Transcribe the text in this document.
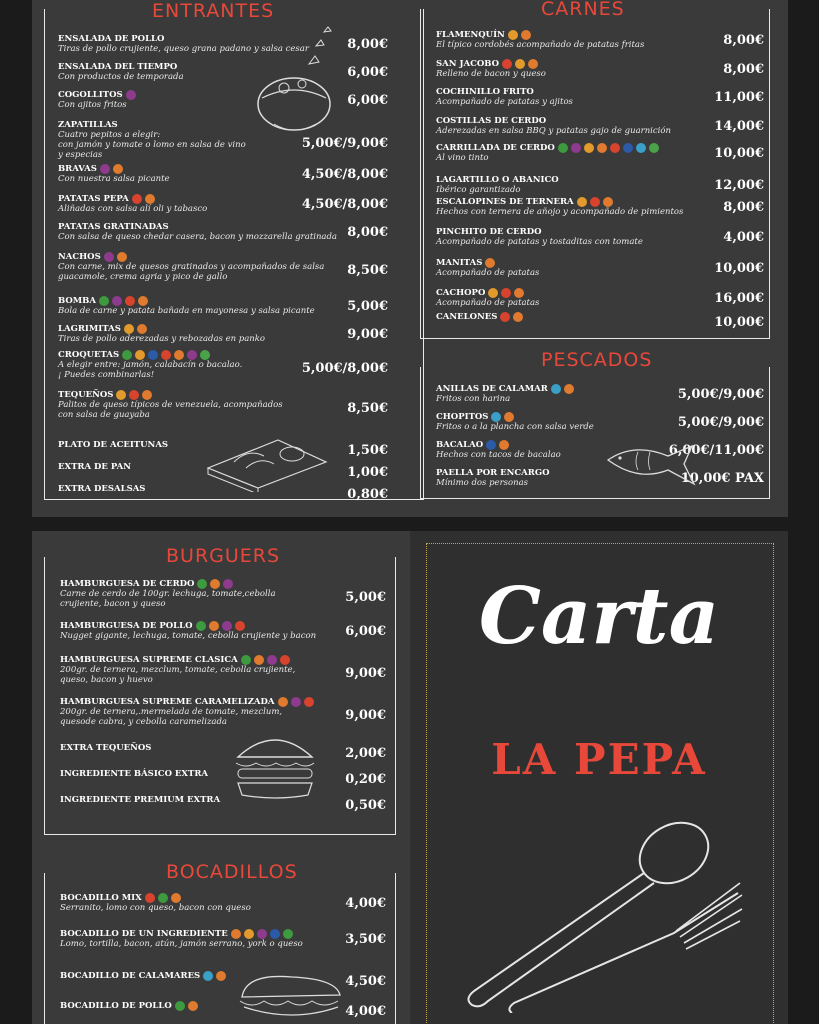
ENTRANTES
ENSALADA DE POLLO
Tiras de pollo crujiente, queso grana padano y salsa cesar	8,00€
ENSALADA DEL TIEMPO
Con productos de temporada	6,00€
COGOLLITOS
Con ajitos fritos	6,00€
ZAPATILLAS
Cuatro pepitos a elegir:
con jamón y tomate o lomo en salsa de vino
y especias
5,00€/9,00€
BRAVAS
Con nuestra salsa picante	4,50€/8,00€
PATATAS PEPA
Aliñadas con salsa alí oli y tabasco	4,50€/8,00€
PATATAS GRATINADAS
Con salsa de queso chedar casera, bacon y mozzarella gratinada 8,00€
NACHOS
Con carne, mix de quesos gratinados y acompañados de salsa
guacamole, crema agria y pico de gallo	8,50€
BOMBA
Bola de carne y patata bañada en mayonesa y salsa picante	5,00€
LAGRIMITAS
Tiras de pollo aderezadas y rebozadas en panko	9,00€
CROQUETAS
A elegir entre: jamón, calabacín o bacalao.
¡ Puedes combinarlas!	5,00€/8,00€
TEQUEÑOS
Palitos de queso típicos de venezuela, acompañados
con salsa de guayaba	8,50€
PLATO DE ACEITUNAS	1,50€
EXTRA DE PAN	1,00€
EXTRA DESALSAS	0,80€
CARNES
FLAMENQUÍN
El típico cordobés acompañado de patatas fritas	8,00€
SAN JACOBO
Relleno de bacon y queso	8,00€
COCHINILLO FRITO
Acompañado de patatas y ajitos	11,00€
COSTILLAS DE CERDO
Aderezadas en salsa BBQ y patatas gajo de guarnición	14,00€
CARRILLADA DE CERDO
Al vino tinto	10,00€
LAGARTILLO O ABANICO
Ibérico garantizado	12,00€
ESCALOPINES DE TERNERA
Hechos con ternera de añojo y acompañado de pimientos	8,00€
PINCHITO DE CERDO
Acompañado de patatas y tostaditas con tomate	4,00€
MANITAS
Acompañado de patatas	10,00€
CACHOPO
Acompañado de patatas	16,00€
CANELONES	10,00€
PESCADOS
ANILLAS DE CALAMAR
Fritos con harina	5,00€/9,00€
CHOPITOS
Fritos o a la plancha con salsa verde	5,00€/9,00€
BACALAO
Hechos con tacos de bacalao	6,00€/11,00€
PAELLA POR ENCARGO
Mínimo dos personas	10,00€ PAX
BURGUERS
HAMBURGUESA DE CERDO
Carne de cerdo de 100gr. lechuga, tomate,cebolla
crujiente, bacon y queso	5,00€
HAMBURGUESA DE POLLO
Nugget gigante, lechuga, tomate, cebolla crujiente y bacon	6,00€
HAMBURGUESA SUPREME CLASICA
200gr. de ternera, mezclum, tomate, cebolla crujiente,
queso, bacon y huevo	9,00€
HAMBURGUESA SUPREME CARAMELIZADA
200gr. de ternera,.mermelada de tomate, mezclum,
quesode cabra, y cebolla caramelizada	9,00€
EXTRA TEQUEÑOS	2,00€
INGREDIENTE BÁSICO EXTRA	0,20€
INGREDIENTE PREMIUM EXTRA	0,50€
BOCADILLOS
BOCADILLO MIX
Serranito, lomo con queso, bacon con queso	4,00€
BOCADILLO DE UN INGREDIENTE
Lomo, tortilla, bacon, atún, jamón serrano, york o queso	3,50€
BOCADILLO DE CALAMARES	4,50€
BOCADILLO DE POLLO	4,00€
Carta
LA PEPA
